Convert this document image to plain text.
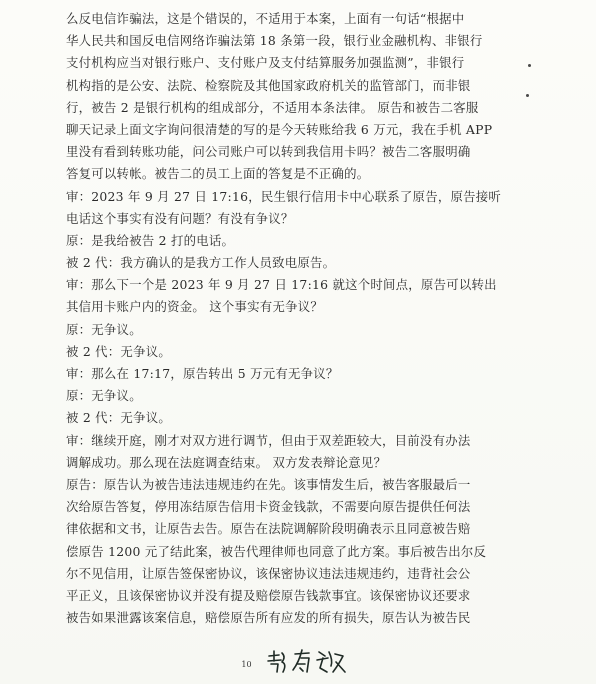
么反电信诈骗法，这是个错误的，不适用于本案，上面有一句话“根据中
华人民共和国反电信网络诈骗法第 18 条第一段，银行业金融机构、非银行
支付机构应当对银行账户、支付账户及支付结算服务加强监测”，非银行
机构指的是公安、法院、检察院及其他国家政府机关的监管部门，而非银
行，被告 2 是银行机构的组成部分，不适用本条法律。 原告和被告二客服
聊天记录上面文字询问很清楚的写的是今天转账给我 6 万元，我在手机 APP
里没有看到转账功能，问公司账户可以转到我信用卡吗？被告二客服明确
答复可以转帐。被告二的员工上面的答复是不正确的。
审：2023 年 9 月 27 日 17:16，民生银行信用卡中心联系了原告，原告接听
电话这个事实有没有问题？有没有争议？
原：是我给被告 2 打的电话。
被 2 代：我方确认的是我方工作人员致电原告。
审：那么下一个是 2023 年 9 月 27 日 17:16 就这个时间点，原告可以转出
其信用卡账户内的资金。 这个事实有无争议？
原：无争议。
被 2 代：无争议。
审：那么在 17:17，原告转出 5 万元有无争议？
原：无争议。
被 2 代：无争议。
审：继续开庭，刚才对双方进行调节，但由于双差距较大，目前没有办法
调解成功。那么现在法庭调查结束。 双方发表辩论意见？
原告：原告认为被告违法违规违约在先。该事情发生后，被告客服最后一
次给原告答复，停用冻结原告信用卡资金钱款，不需要向原告提供任何法
律依据和文书，让原告去告。原告在法院调解阶段明确表示且同意被告赔
偿原告 1200 元了结此案，被告代理律师也同意了此方案。事后被告出尔反
尔不见信用，让原告签保密协议，该保密协议违法违规违约，违背社会公
平正义，且该保密协议并没有提及赔偿原告钱款事宜。该保密协议还要求
被告如果泄露该案信息，赔偿原告所有应发的所有损失，原告认为被告民
10
